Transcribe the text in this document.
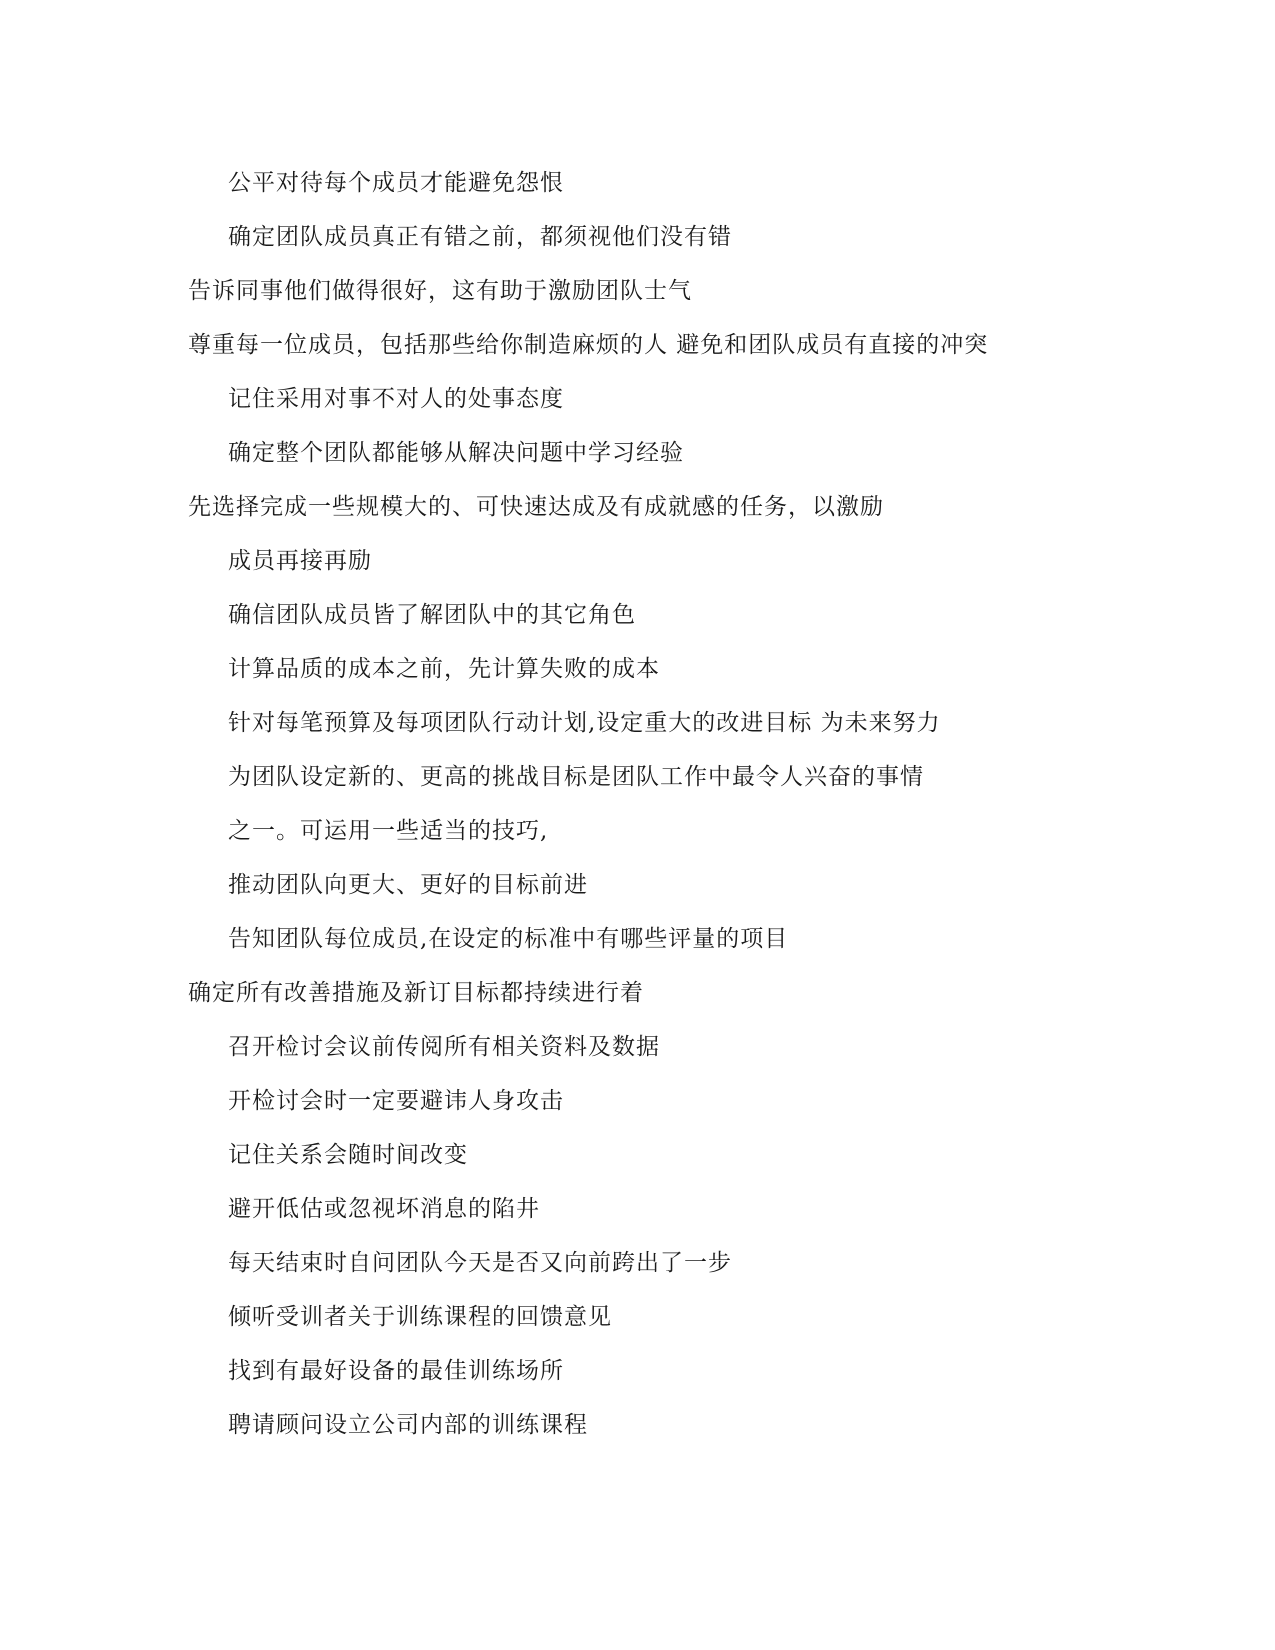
公平对待每个成员才能避免怨恨

确定团队成员真正有错之前，都须视他们没有错

告诉同事他们做得很好，这有助于激励团队士气

尊重每一位成员，包括那些给你制造麻烦的人 避免和团队成员有直接的冲突

记住采用对事不对人的处事态度

确定整个团队都能够从解决问题中学习经验

先选择完成一些规模大的、可快速达成及有成就感的任务，以激励

成员再接再励

确信团队成员皆了解团队中的其它角色

计算品质的成本之前，先计算失败的成本

针对每笔预算及每项团队行动计划,设定重大的改进目标 为未来努力

为团队设定新的、更高的挑战目标是团队工作中最令人兴奋的事情

之一。可运用一些适当的技巧,

推动团队向更大、更好的目标前进

告知团队每位成员,在设定的标准中有哪些评量的项目

确定所有改善措施及新订目标都持续进行着

召开检讨会议前传阅所有相关资料及数据

开检讨会时一定要避讳人身攻击

记住关系会随时间改变

避开低估或忽视坏消息的陷井

每天结束时自问团队今天是否又向前跨出了一步

倾听受训者关于训练课程的回馈意见

找到有最好设备的最佳训练场所

聘请顾问设立公司内部的训练课程
